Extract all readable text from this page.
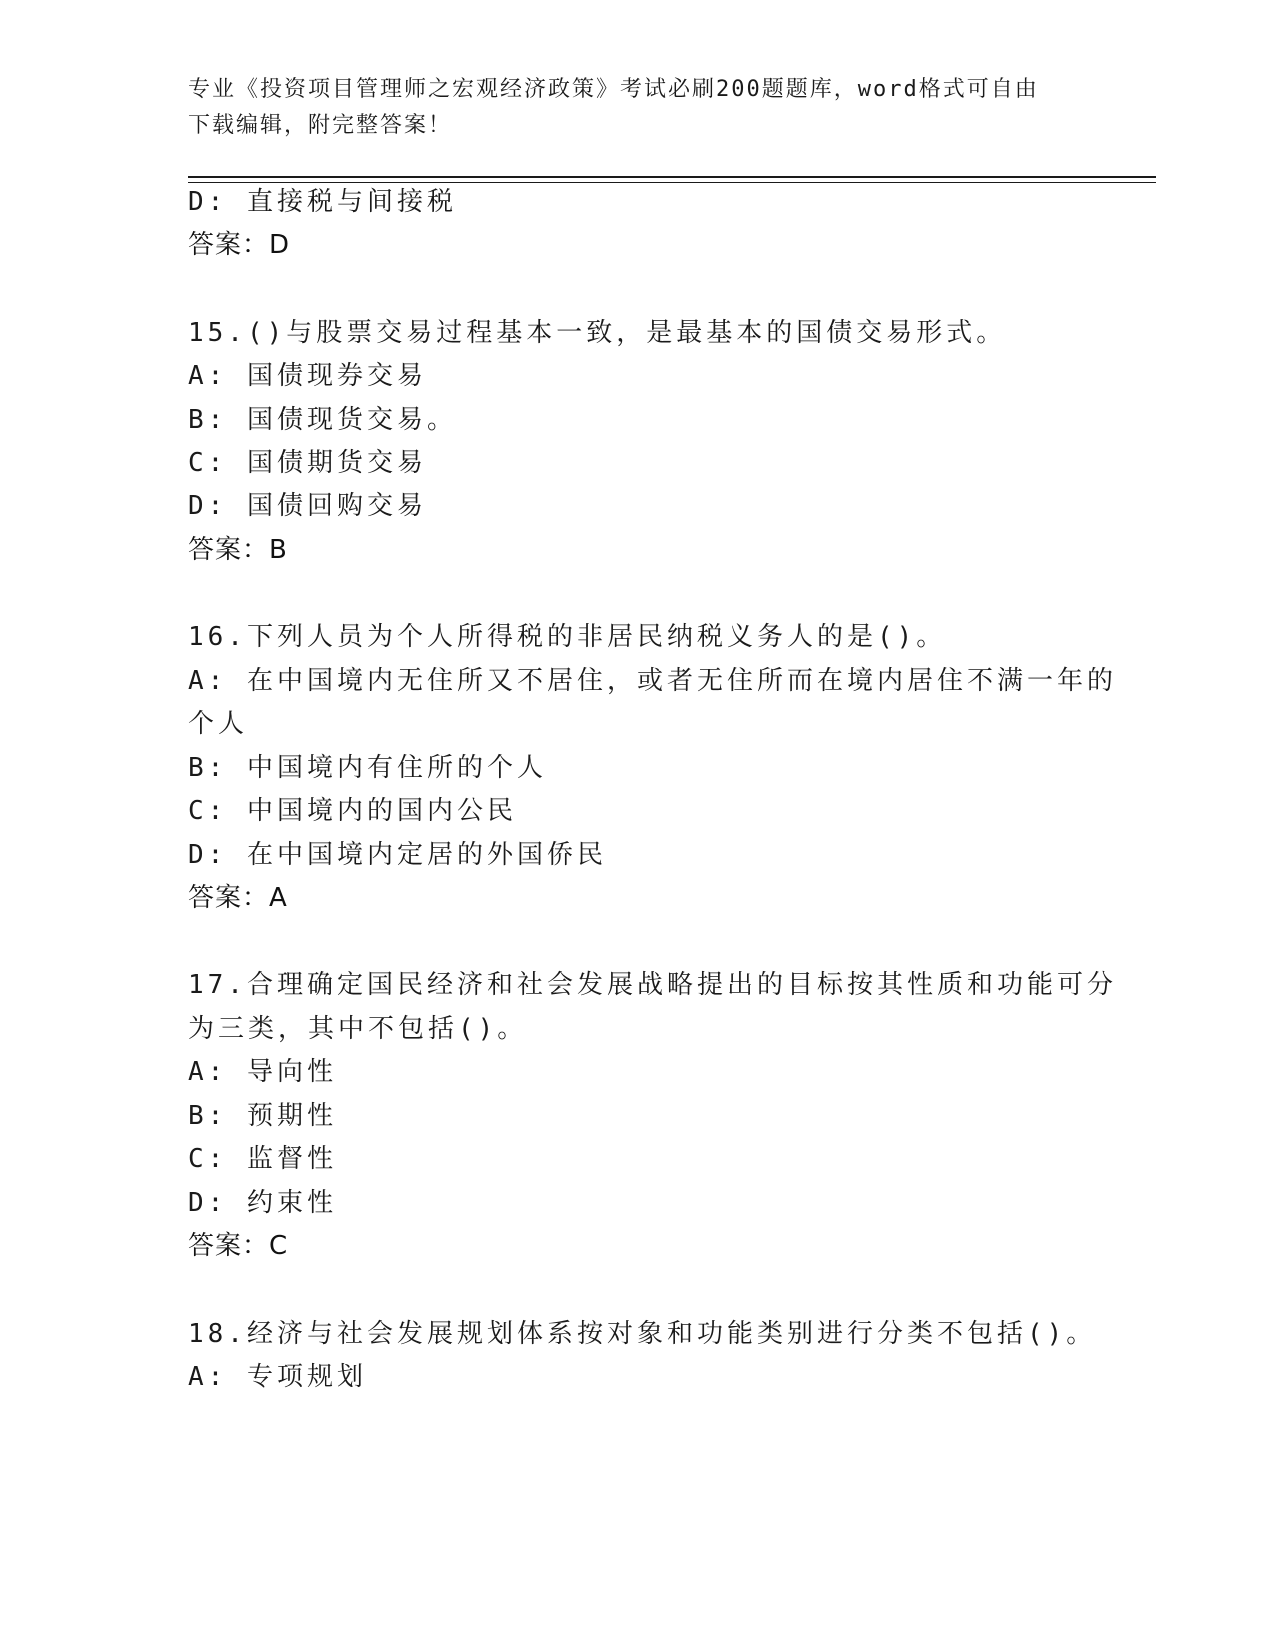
专业《投资项目管理师之宏观经济政策》考试必刷200题题库，word格式可自由
下载编辑，附完整答案！
D: 直接税与间接税
答案：D
15.()与股票交易过程基本一致，是最基本的国债交易形式。
A: 国债现券交易
B: 国债现货交易。
C: 国债期货交易
D: 国债回购交易
答案：B
16.下列人员为个人所得税的非居民纳税义务人的是()。
A: 在中国境内无住所又不居住，或者无住所而在境内居住不满一年的
个人
B: 中国境内有住所的个人
C: 中国境内的国内公民
D: 在中国境内定居的外国侨民
答案：A
17.合理确定国民经济和社会发展战略提出的目标按其性质和功能可分
为三类，其中不包括()。
A: 导向性
B: 预期性
C: 监督性
D: 约束性
答案：C
18.经济与社会发展规划体系按对象和功能类别进行分类不包括()。
A: 专项规划
